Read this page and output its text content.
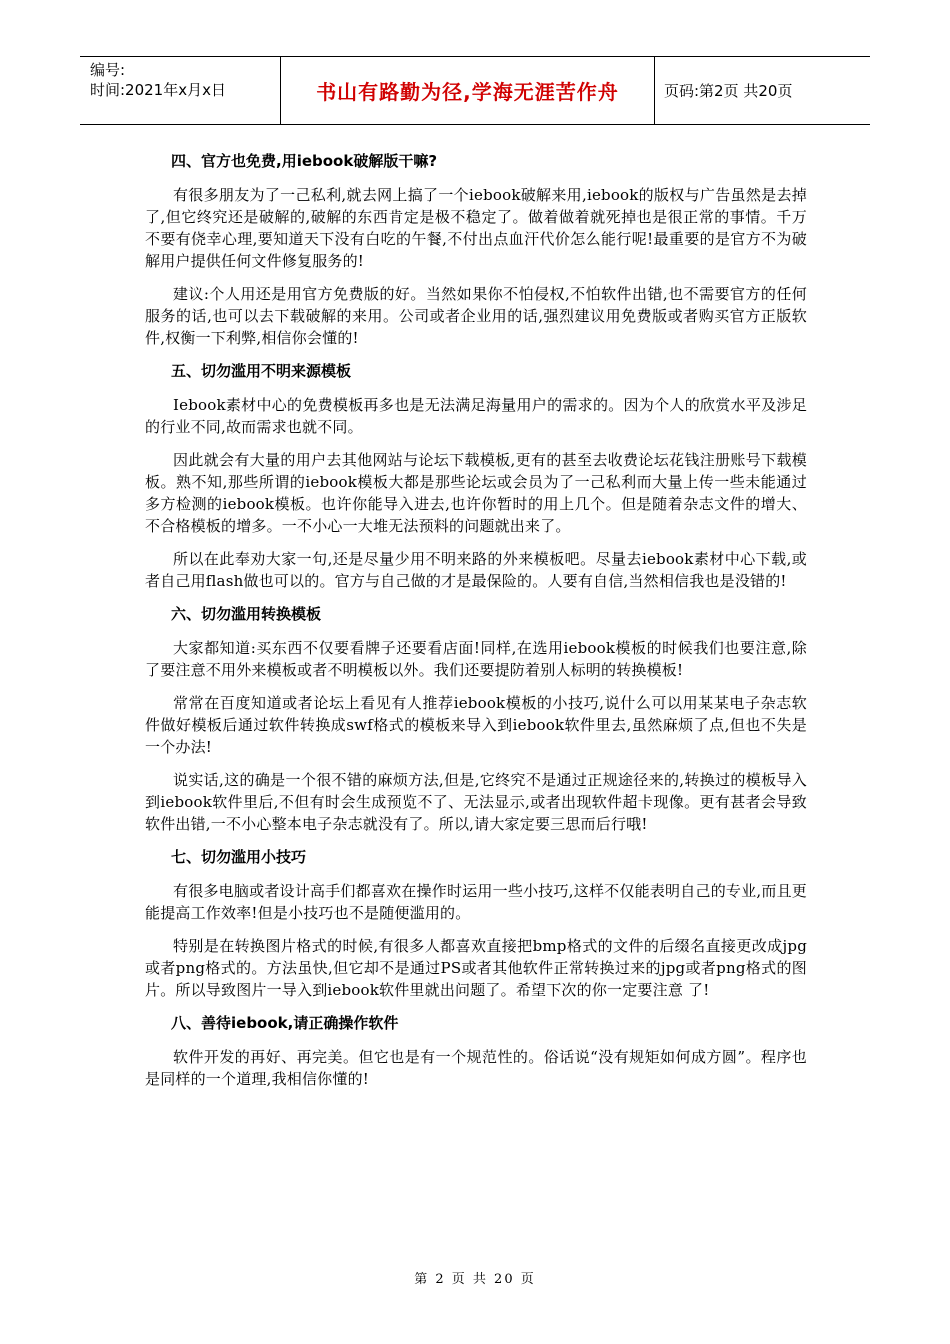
编号:
时间:2021年x月x日	书山有路勤为径,学海无涯苦作舟	页码:第2页 共20页
四、官方也免费,用iebook破解版干嘛?

有很多朋友为了一己私利,就去网上搞了一个iebook破解来用,iebook的版权与广告虽然是去掉了,但它终究还是破解的,破解的东西肯定是极不稳定了。做着做着就死掉也是很正常的事情。千万不要有侥幸心理,要知道天下没有白吃的午餐,不付出点血汗代价怎么能行呢!最重要的是官方不为破解用户提供任何文件修复服务的!

建议:个人用还是用官方免费版的好。当然如果你不怕侵权,不怕软件出错,也不需要官方的任何服务的话,也可以去下载破解的来用。公司或者企业用的话,强烈建议用免费版或者购买官方正版软件,权衡一下利弊,相信你会懂的!

五、切勿滥用不明来源模板

Iebook素材中心的免费模板再多也是无法满足海量用户的需求的。因为个人的欣赏水平及涉足的行业不同,故而需求也就不同。

因此就会有大量的用户去其他网站与论坛下载模板,更有的甚至去收费论坛花钱注册账号下载模板。熟不知,那些所谓的iebook模板大都是那些论坛或会员为了一己私利而大量上传一些未能通过多方检测的iebook模板。也许你能导入进去,也许你暂时的用上几个。但是随着杂志文件的增大、不合格模板的增多。一不小心一大堆无法预料的问题就出来了。

所以在此奉劝大家一句,还是尽量少用不明来路的外来模板吧。尽量去iebook素材中心下载,或者自己用flash做也可以的。官方与自己做的才是最保险的。人要有自信,当然相信我也是没错的!

六、切勿滥用转换模板

大家都知道:买东西不仅要看牌子还要看店面!同样,在选用iebook模板的时候我们也要注意,除了要注意不用外来模板或者不明模板以外。我们还要提防着别人标明的转换模板!

常常在百度知道或者论坛上看见有人推荐iebook模板的小技巧,说什么可以用某某电子杂志软件做好模板后通过软件转换成swf格式的模板来导入到iebook软件里去,虽然麻烦了点,但也不失是一个办法!

说实话,这的确是一个很不错的麻烦方法,但是,它终究不是通过正规途径来的,转换过的模板导入到iebook软件里后,不但有时会生成预览不了、无法显示,或者出现软件超卡现像。更有甚者会导致软件出错,一不小心整本电子杂志就没有了。所以,请大家定要三思而后行哦!

七、切勿滥用小技巧

有很多电脑或者设计高手们都喜欢在操作时运用一些小技巧,这样不仅能表明自己的专业,而且更能提高工作效率!但是小技巧也不是随便滥用的。

特别是在转换图片格式的时候,有很多人都喜欢直接把bmp格式的文件的后缀名直接更改成jpg或者png格式的。方法虽快,但它却不是通过PS或者其他软件正常转换过来的jpg或者png格式的图片。所以导致图片一导入到iebook软件里就出问题了。希望下次的你一定要注意 了!

八、善待iebook,请正确操作软件

软件开发的再好、再完美。但它也是有一个规范性的。俗话说“没有规矩如何成方圆”。程序也是同样的一个道理,我相信你懂的!

第 2 页 共 20 页
